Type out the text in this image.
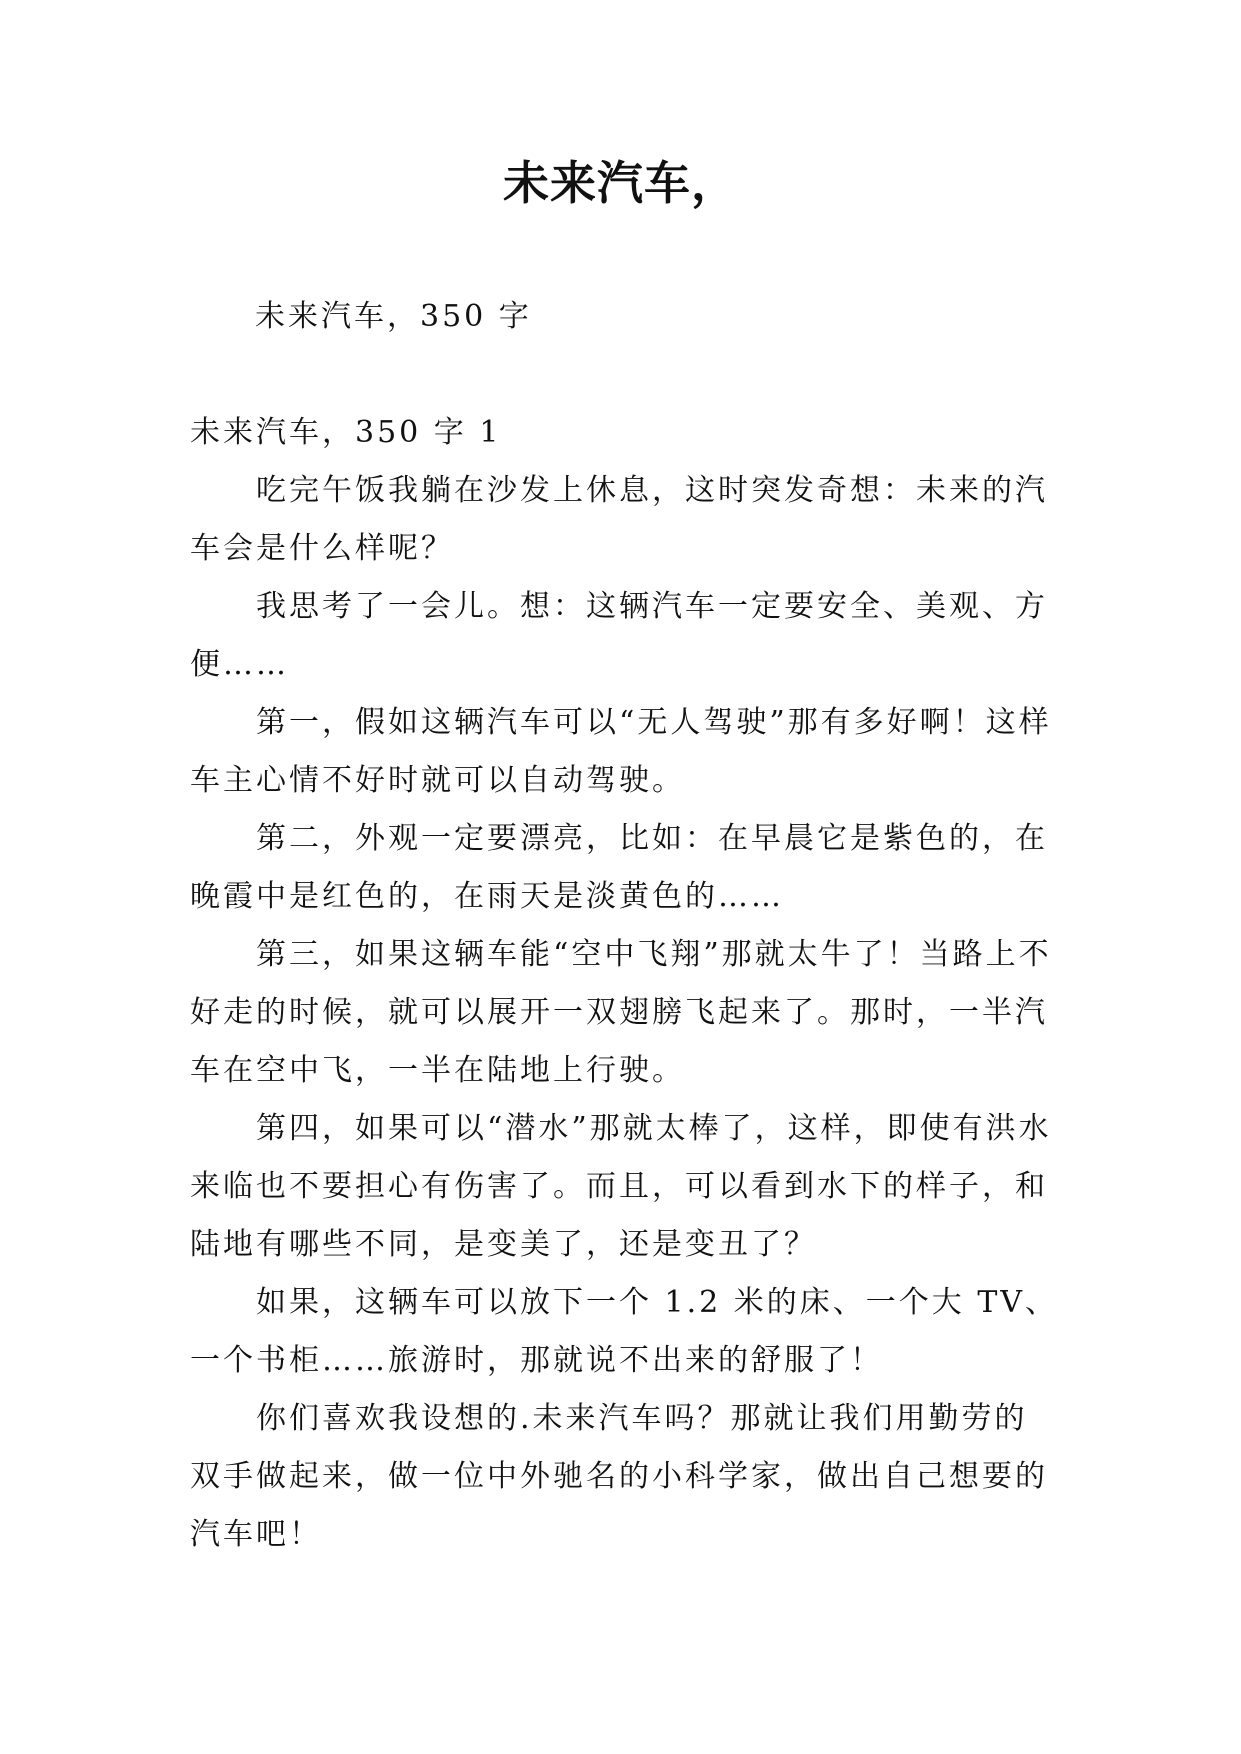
未来汽车，
未来汽车，350 字

未来汽车，350 字 1

吃完午饭我躺在沙发上休息，这时突发奇想：未来的汽车会是什么样呢？

我思考了一会儿。想：这辆汽车一定要安全、美观、方便……

第一，假如这辆汽车可以“无人驾驶”那有多好啊！这样车主心情不好时就可以自动驾驶。

第二，外观一定要漂亮，比如：在早晨它是紫色的，在晚霞中是红色的，在雨天是淡黄色的……

第三，如果这辆车能“空中飞翔”那就太牛了！当路上不好走的时候，就可以展开一双翅膀飞起来了。那时，一半汽车在空中飞，一半在陆地上行驶。

第四，如果可以“潜水”那就太棒了，这样，即使有洪水来临也不要担心有伤害了。而且，可以看到水下的样子，和陆地有哪些不同，是变美了，还是变丑了？

如果，这辆车可以放下一个 1.2 米的床、一个大 TV、一个书柜……旅游时，那就说不出来的舒服了！

你们喜欢我设想的.未来汽车吗？那就让我们用勤劳的双手做起来，做一位中外驰名的小科学家，做出自己想要的汽车吧！
